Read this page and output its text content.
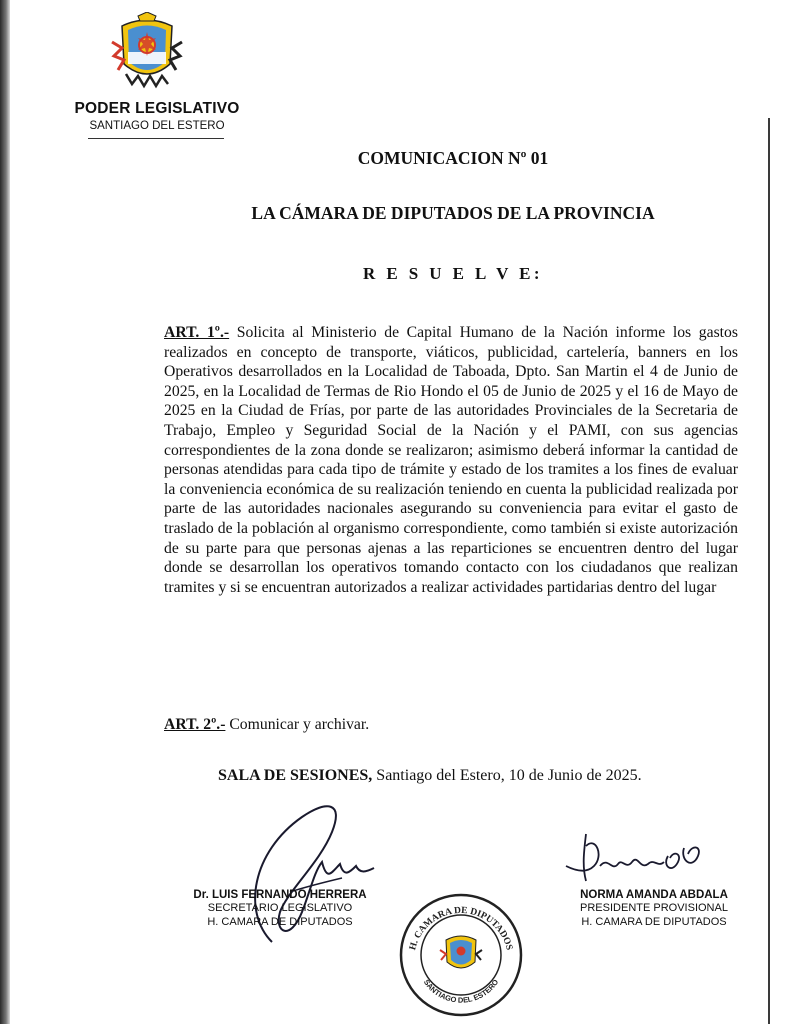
PODER LEGISLATIVO
SANTIAGO DEL ESTERO
COMUNICACION Nº 01
LA CÁMARA DE DIPUTADOS DE LA PROVINCIA
R E S U E L V E:
ART. 1º.- Solicita al Ministerio de Capital Humano de la Nación informe los gastos realizados en concepto de transporte, viáticos, publicidad, cartelería, banners en los Operativos desarrollados en la Localidad de Taboada, Dpto. San Martin el 4 de Junio de 2025, en la Localidad de Termas de Rio Hondo el 05 de Junio de 2025 y el 16 de Mayo de 2025 en la Ciudad de Frías, por parte de las autoridades Provinciales de la Secretaria de Trabajo, Empleo y Seguridad Social de la Nación y el PAMI, con sus agencias correspondientes de la zona donde se realizaron; asimismo deberá informar la cantidad de personas atendidas para cada tipo de trámite y estado de los tramites a los fines de evaluar la conveniencia económica de su realización teniendo en cuenta la publicidad realizada por parte de las autoridades nacionales asegurando su conveniencia para evitar el gasto de traslado de la población al organismo correspondiente, como también si existe autorización de su parte para que personas ajenas a las reparticiones se encuentren dentro del lugar donde se desarrollan los operativos tomando contacto con los ciudadanos que realizan tramites y si se encuentran autorizados a realizar actividades partidarias dentro del lugar
ART. 2º.- Comunicar y archivar.
SALA DE SESIONES, Santiago del Estero, 10 de Junio de 2025.
Dr. LUIS FERNANDO HERRERA
SECRETARIO LEGISLATIVO
H. CAMARA DE DIPUTADOS
NORMA AMANDA ABDALA
PRESIDENTE PROVISIONAL
H. CAMARA DE DIPUTADOS
H. CAMARA DE DIPUTADOS
SANTIAGO DEL ESTERO
